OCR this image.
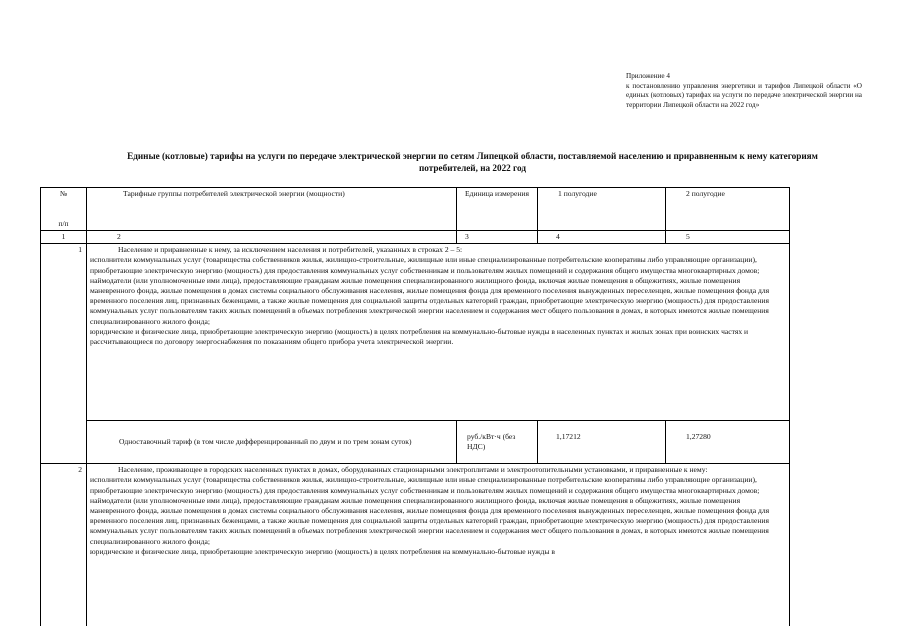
Приложение 4
к постановлению управления энергетики и тарифов Липецкой области «О единых (котловых) тарифах на услуги по передаче электрической энергии на территории Липецкой области на 2022 год»
Единые (котловые) тарифы на услуги по передаче электрической энергии по сетям Липецкой области, поставляемой населению и приравненным к нему категориям потребителей, на 2022 год
№
п/п	Тарифные группы потребителей электрической энергии (мощности)	Единица измерения	1 полугодие	2 полугодие
1	2	3	4	5
1	Население и приравненные к нему, за исключением населения и потребителей, указанных в строках 2 – 5:
исполнители коммунальных услуг (товарищества собственников жилья, жилищно-строительные, жилищные или иные специализированные потребительские кооперативы либо управляющие организации), приобретающие электрическую энергию (мощность) для предоставления коммунальных услуг собственникам и пользователям жилых помещений и содержания общего имущества многоквартирных домов;
наймодатели (или уполномоченные ими лица), предоставляющие гражданам жилые помещения специализированного жилищного фонда, включая жилые помещения в общежитиях, жилые помещения маневренного фонда, жилые помещения в домах системы социального обслуживания населения, жилые помещения фонда для временного поселения вынужденных переселенцев, жилые помещения фонда для временного поселения лиц, признанных беженцами, а также жилые помещения для социальной защиты отдельных категорий граждан, приобретающие электрическую энергию (мощность) для предоставления коммунальных услуг пользователям таких жилых помещений в объемах потребления электрической энергии населением и содержания мест общего пользования в домах, в которых имеются жилые помещения специализированного жилого фонда;
юридические и физические лица, приобретающие электрическую энергию (мощность) в целях потребления на коммунально-бытовые нужды в населенных пунктах и жилых зонах при воинских частях и рассчитывающиеся по договору энергоснабжения по показаниям общего прибора учета электрической энергии.			

	Одноставочный тариф (в том числе дифференцированный по двум и по трем зонам суток)	руб./кВт·ч (без НДС)	1,17212	1,27280

2	Население, проживающее в городских населенных пунктах в домах, оборудованных стационарными электроплитами и электроотопительными установками, и приравненные к нему:
исполнители коммунальных услуг (товарищества собственников жилья, жилищно-строительные, жилищные или иные специализированные потребительские кооперативы либо управляющие организации), приобретающие электрическую энергию (мощность) для предоставления коммунальных услуг собственникам и пользователям жилых помещений и содержания общего имущества многоквартирных домов;
наймодатели (или уполномоченные ими лица), предоставляющие гражданам жилые помещения специализированного жилищного фонда, включая жилые помещения в общежитиях, жилые помещения маневренного фонда, жилые помещения в домах системы социального обслуживания населения, жилые помещения фонда для временного поселения вынужденных переселенцев, жилые помещения фонда для временного поселения лиц, признанных беженцами, а также жилые помещения для социальной защиты отдельных категорий граждан, приобретающие электрическую энергию (мощность) для предоставления коммунальных услуг пользователям таких жилых помещений в объемах потребления электрической энергии населением и содержания мест общего пользования в домах, в которых имеются жилые помещения специализированного жилого фонда;
юридические и физические лица, приобретающие электрическую энергию (мощность) в целях потребления на коммунально-бытовые нужды в			
